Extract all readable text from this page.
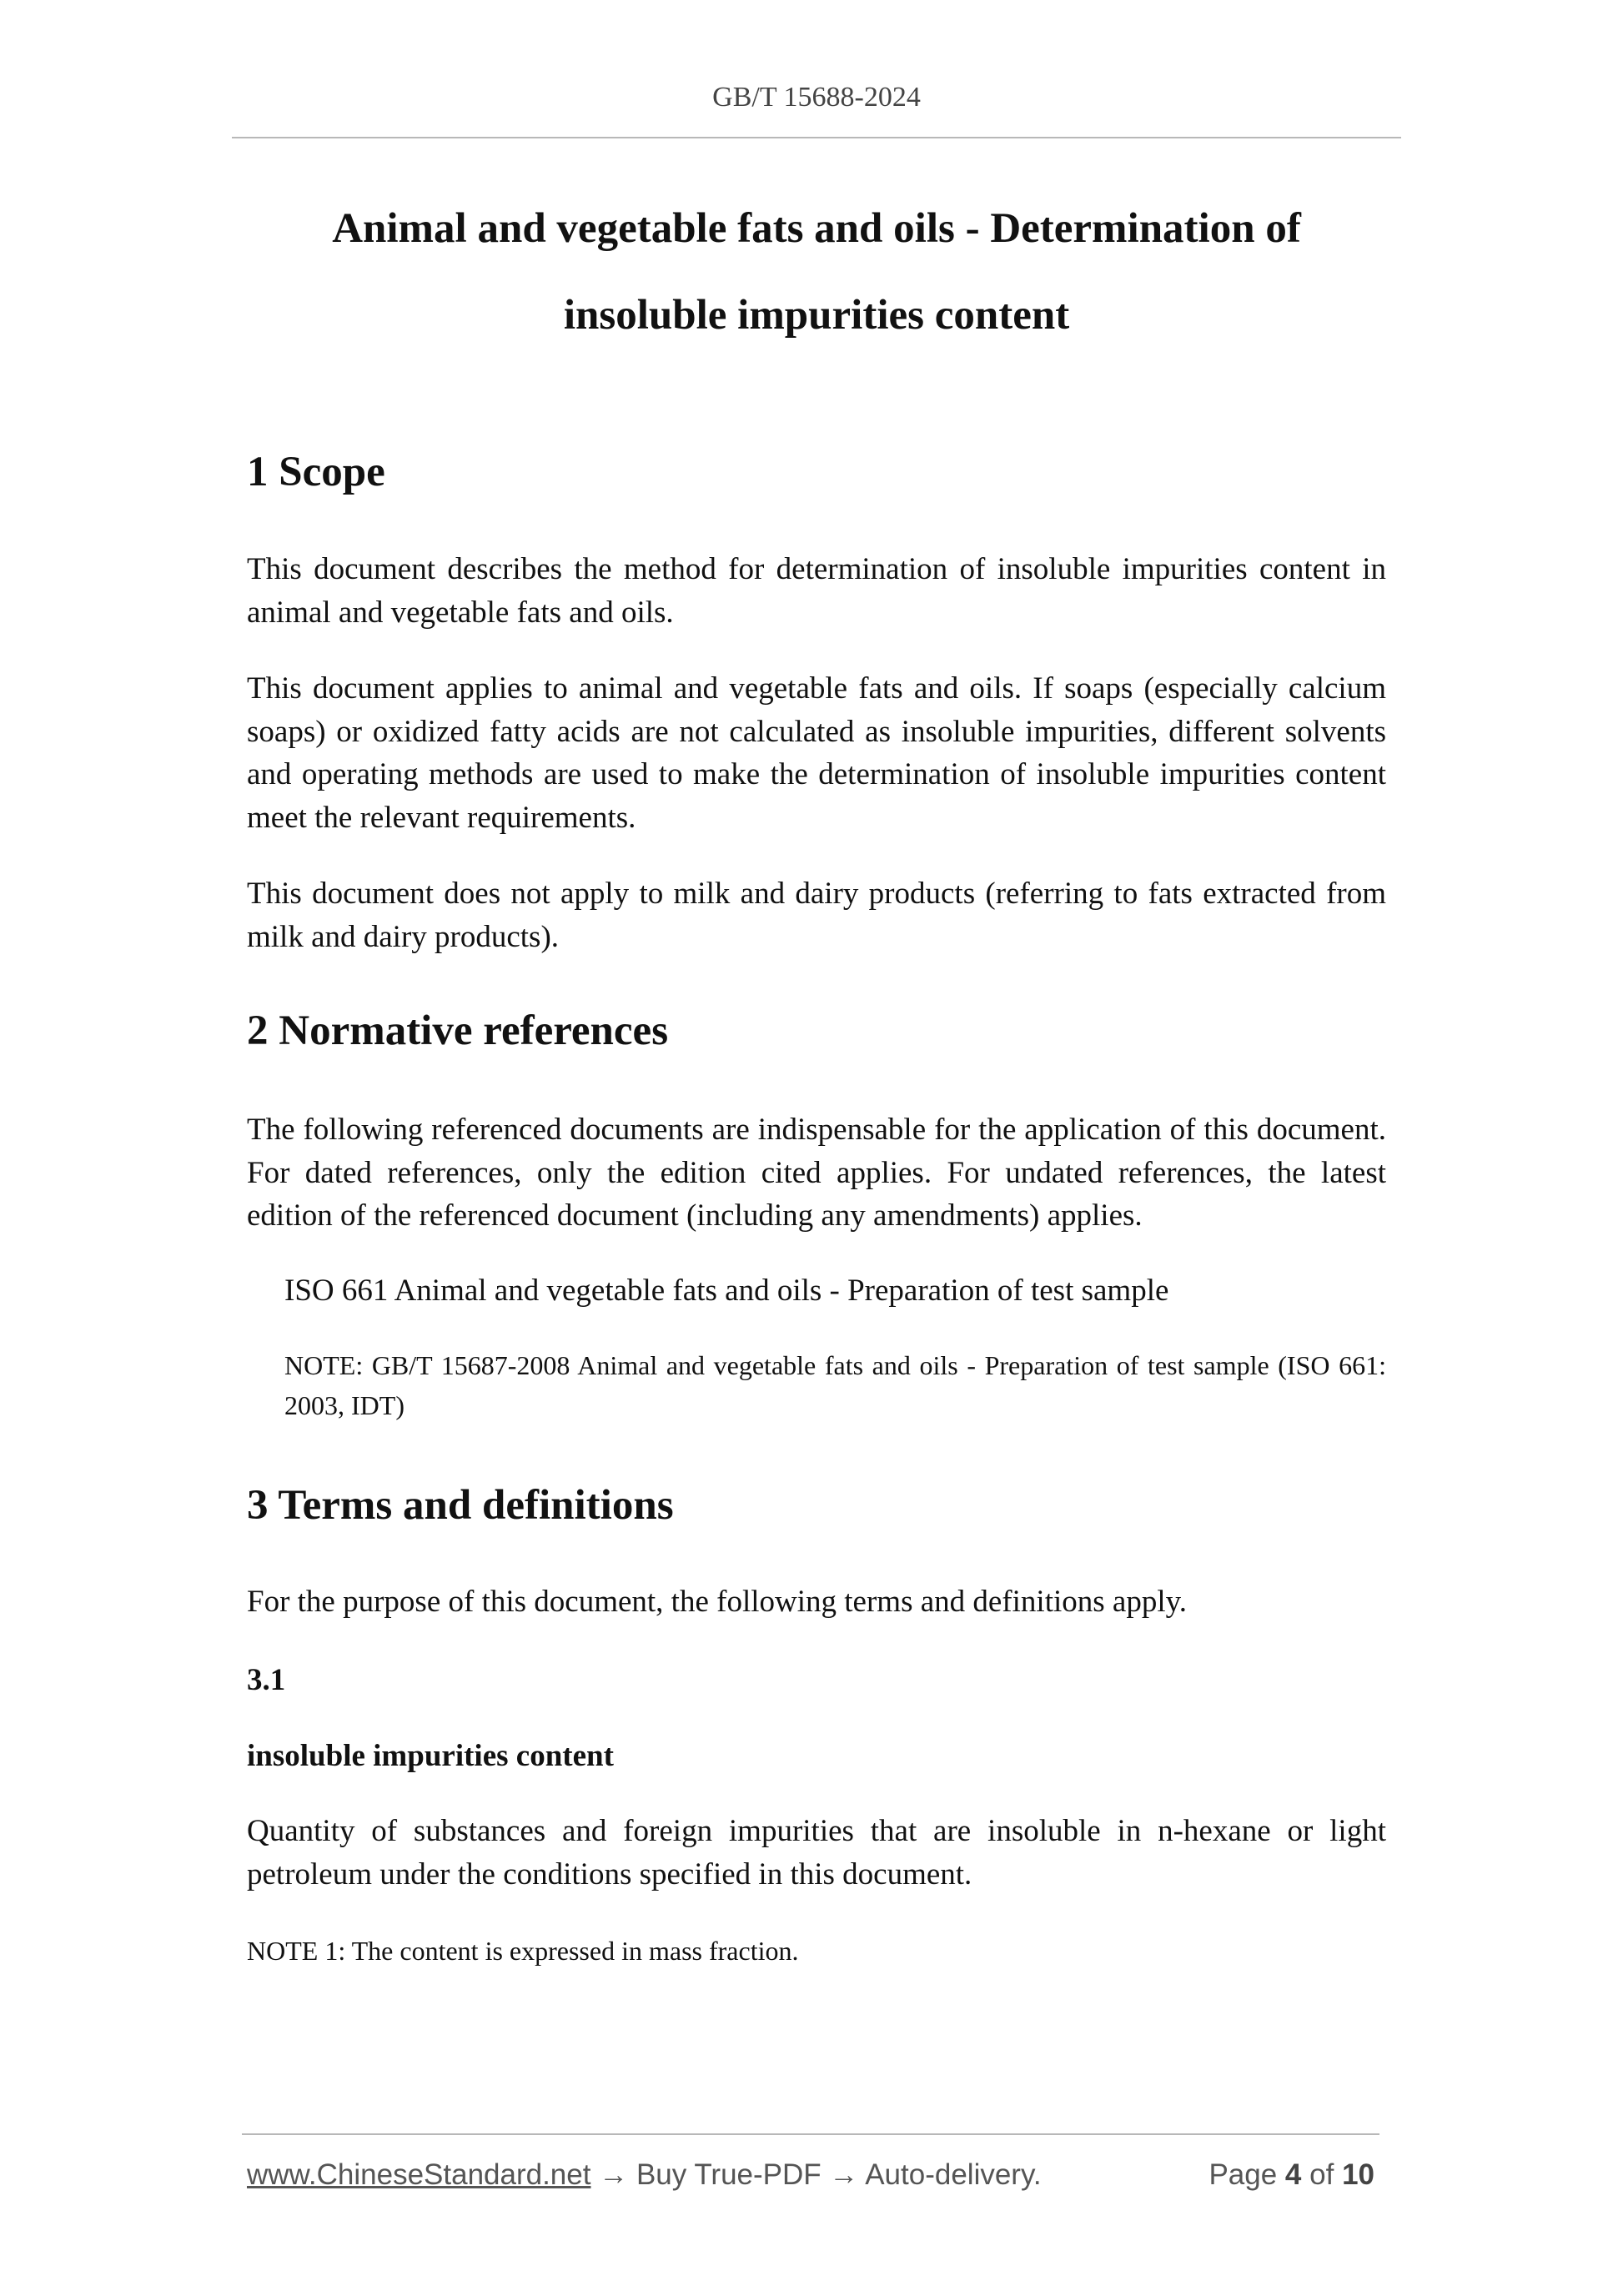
GB/T 15688-2024
Animal and vegetable fats and oils - Determination of
insoluble impurities content
1 Scope

This document describes the method for determination of insoluble impurities content in animal and vegetable fats and oils.

This document applies to animal and vegetable fats and oils. If soaps (especially calcium soaps) or oxidized fatty acids are not calculated as insoluble impurities, different solvents and operating methods are used to make the determination of insoluble impurities content meet the relevant requirements.

This document does not apply to milk and dairy products (referring to fats extracted from milk and dairy products).

2 Normative references

The following referenced documents are indispensable for the application of this document. For dated references, only the edition cited applies. For undated references, the latest edition of the referenced document (including any amendments) applies.

ISO 661 Animal and vegetable fats and oils - Preparation of test sample

NOTE: GB/T 15687-2008 Animal and vegetable fats and oils - Preparation of test sample (ISO 661: 2003, IDT)

3 Terms and definitions

For the purpose of this document, the following terms and definitions apply.

3.1

insoluble impurities content

Quantity of substances and foreign impurities that are insoluble in n-hexane or light petroleum under the conditions specified in this document.

NOTE 1: The content is expressed in mass fraction.

www.ChineseStandard.net → Buy True-PDF → Auto-delivery.	Page 4 of 10
